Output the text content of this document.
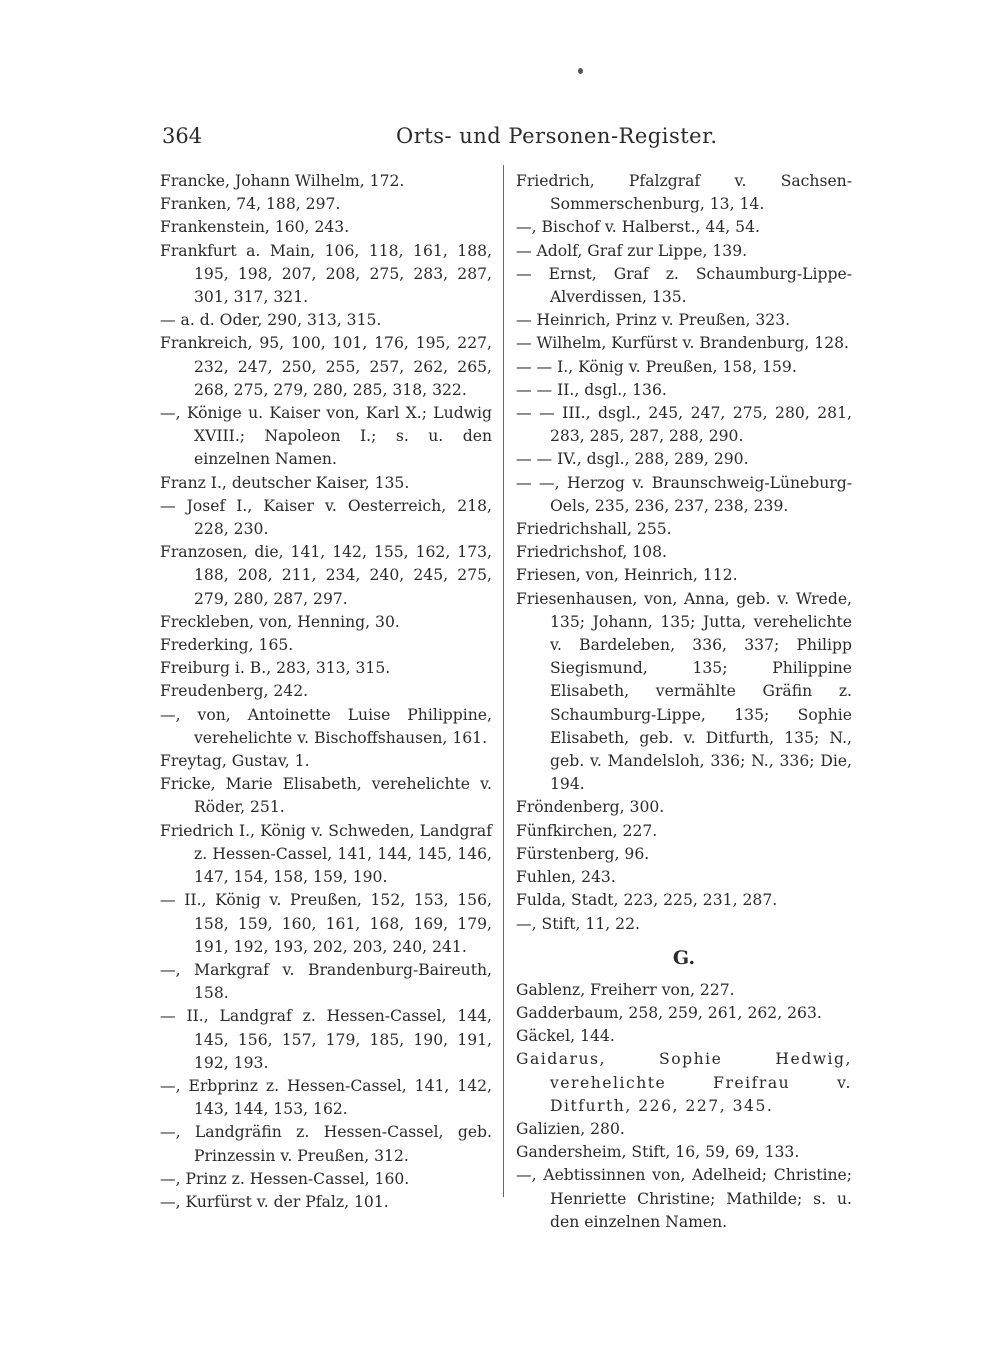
364	Orts- und Personen-Register.
Francke, Johann Wilhelm, 172.
Franken, 74, 188, 297.
Frankenstein, 160, 243.
Frankfurt a. Main, 106, 118, 161, 188, 195, 198, 207, 208, 275, 283, 287, 301, 317, 321.
— a. d. Oder, 290, 313, 315.
Frankreich, 95, 100, 101, 176, 195, 227, 232, 247, 250, 255, 257, 262, 265, 268, 275, 279, 280, 285, 318, 322.
—, Könige u. Kaiser von, Karl X.; Ludwig XVIII.; Napoleon I.; s. u. den einzelnen Namen.
Franz I., deutscher Kaiser, 135.
— Josef I., Kaiser v. Oesterreich, 218, 228, 230.
Franzosen, die, 141, 142, 155, 162, 173, 188, 208, 211, 234, 240, 245, 275, 279, 280, 287, 297.
Freckleben, von, Henning, 30.
Frederking, 165.
Freiburg i. B., 283, 313, 315.
Freudenberg, 242.
—, von, Antoinette Luise Philippine, verehelichte v. Bischoffshausen, 161.
Freytag, Gustav, 1.
Fricke, Marie Elisabeth, verehelichte v. Röder, 251.
Friedrich I., König v. Schweden, Landgraf z. Hessen-Cassel, 141, 144, 145, 146, 147, 154, 158, 159, 190.
— II., König v. Preußen, 152, 153, 156, 158, 159, 160, 161, 168, 169, 179, 191, 192, 193, 202, 203, 240, 241.
—, Markgraf v. Brandenburg-Baireuth, 158.
— II., Landgraf z. Hessen-Cassel, 144, 145, 156, 157, 179, 185, 190, 191, 192, 193.
—, Erbprinz z. Hessen-Cassel, 141, 142, 143, 144, 153, 162.
—, Landgräfin z. Hessen-Cassel, geb. Prinzessin v. Preußen, 312.
—, Prinz z. Hessen-Cassel, 160.
—, Kurfürst v. der Pfalz, 101.
Friedrich, Pfalzgraf v. Sachsen-Sommerschenburg, 13, 14.
—, Bischof v. Halberst., 44, 54.
— Adolf, Graf zur Lippe, 139.
— Ernst, Graf z. Schaumburg-Lippe-Alverdissen, 135.
— Heinrich, Prinz v. Preußen, 323.
— Wilhelm, Kurfürst v. Brandenburg, 128.
— — I., König v. Preußen, 158, 159.
— — II., dsgl., 136.
— — III., dsgl., 245, 247, 275, 280, 281, 283, 285, 287, 288, 290.
— — IV., dsgl., 288, 289, 290.
— —, Herzog v. Braunschweig-Lüneburg-Oels, 235, 236, 237, 238, 239.
Friedrichshall, 255.
Friedrichshof, 108.
Friesen, von, Heinrich, 112.
Friesenhausen, von, Anna, geb. v. Wrede, 135; Johann, 135; Jutta, verehelichte v. Bardeleben, 336, 337; Philipp Siegismund, 135; Philippine Elisabeth, vermählte Gräfin z. Schaumburg-Lippe, 135; Sophie Elisabeth, geb. v. Ditfurth, 135; N., geb. v. Mandelsloh, 336; N., 336; Die, 194.
Fröndenberg, 300.
Fünfkirchen, 227.
Fürstenberg, 96.
Fuhlen, 243.
Fulda, Stadt, 223, 225, 231, 287.
—, Stift, 11, 22.
G.
Gablenz, Freiherr von, 227.
Gadderbaum, 258, 259, 261, 262, 263.
Gäckel, 144.
Gaidarus, Sophie Hedwig, verehelichte Freifrau v. Ditfurth, 226, 227, 345.
Galizien, 280.
Gandersheim, Stift, 16, 59, 69, 133.
—, Aebtissinnen von, Adelheid; Christine; Henriette Christine; Mathilde; s. u. den einzelnen Namen.
